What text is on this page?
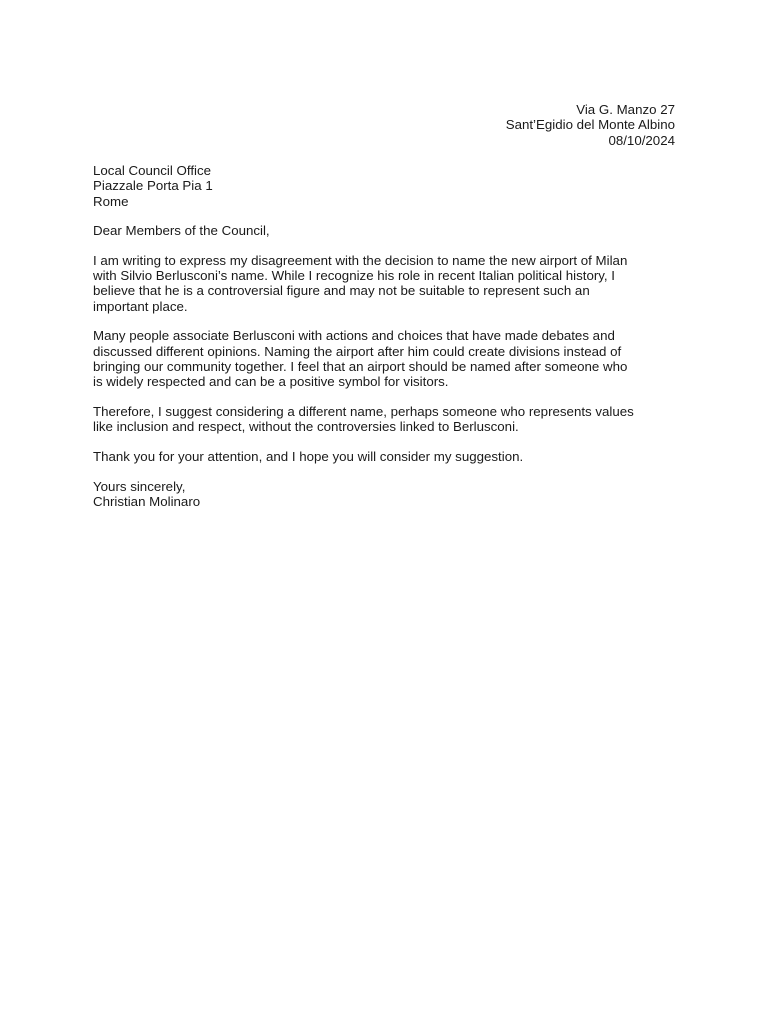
Via G. Manzo 27
Sant’Egidio del Monte Albino
08/10/2024
Local Council Office
Piazzale Porta Pia 1
Rome

Dear Members of the Council,

I am writing to express my disagreement with the decision to name the new airport of Milan
with Silvio Berlusconi’s name. While I recognize his role in recent Italian political history, I
believe that he is a controversial figure and may not be suitable to represent such an
important place.

Many people associate Berlusconi with actions and choices that have made debates and
discussed different opinions. Naming the airport after him could create divisions instead of
bringing our community together. I feel that an airport should be named after someone who
is widely respected and can be a positive symbol for visitors.

Therefore, I suggest considering a different name, perhaps someone who represents values
like inclusion and respect, without the controversies linked to Berlusconi.

Thank you for your attention, and I hope you will consider my suggestion.

Yours sincerely,
Christian Molinaro
